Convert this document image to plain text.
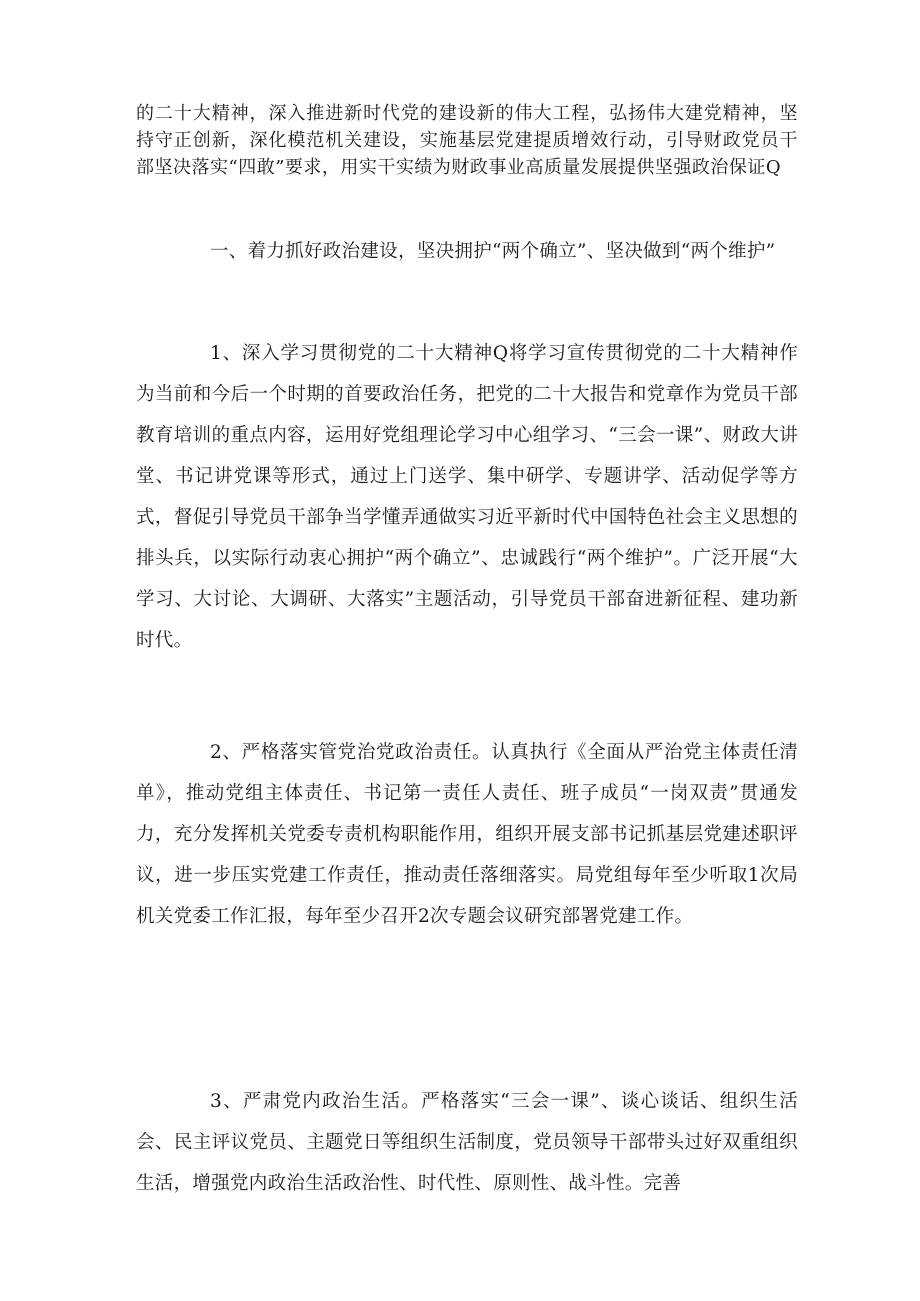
的二十大精神，深入推进新时代党的建设新的伟大工程，弘扬伟大建党精神，坚持守正创新，深化模范机关建设，实施基层党建提质增效行动，引导财政党员干部坚决落实“四敢”要求，用实干实绩为财政事业高质量发展提供坚强政治保证Q

一、着力抓好政治建设，坚决拥护“两个确立”、坚决做到“两个维护”

1、深入学习贯彻党的二十大精神Q将学习宣传贯彻党的二十大精神作为当前和今后一个时期的首要政治任务，把党的二十大报告和党章作为党员干部教育培训的重点内容，运用好党组理论学习中心组学习、“三会一课”、财政大讲堂、书记讲党课等形式，通过上门送学、集中研学、专题讲学、活动促学等方式，督促引导党员干部争当学懂弄通做实习近平新时代中国特色社会主义思想的排头兵，以实际行动衷心拥护“两个确立”、忠诚践行“两个维护”。广泛开展“大学习、大讨论、大调研、大落实”主题活动，引导党员干部奋进新征程、建功新时代。

2、严格落实管党治党政治责任。认真执行《全面从严治党主体责任清单》，推动党组主体责任、书记第一责任人责任、班子成员“一岗双责”贯通发力，充分发挥机关党委专责机构职能作用，组织开展支部书记抓基层党建述职评议，进一步压实党建工作责任，推动责任落细落实。局党组每年至少听取1次局机关党委工作汇报，每年至少召开2次专题会议研究部署党建工作。

3、严肃党内政治生活。严格落实“三会一课”、谈心谈话、组织生活会、民主评议党员、主题党日等组织生活制度，党员领导干部带头过好双重组织生活，增强党内政治生活政治性、时代性、原则性、战斗性。完善
